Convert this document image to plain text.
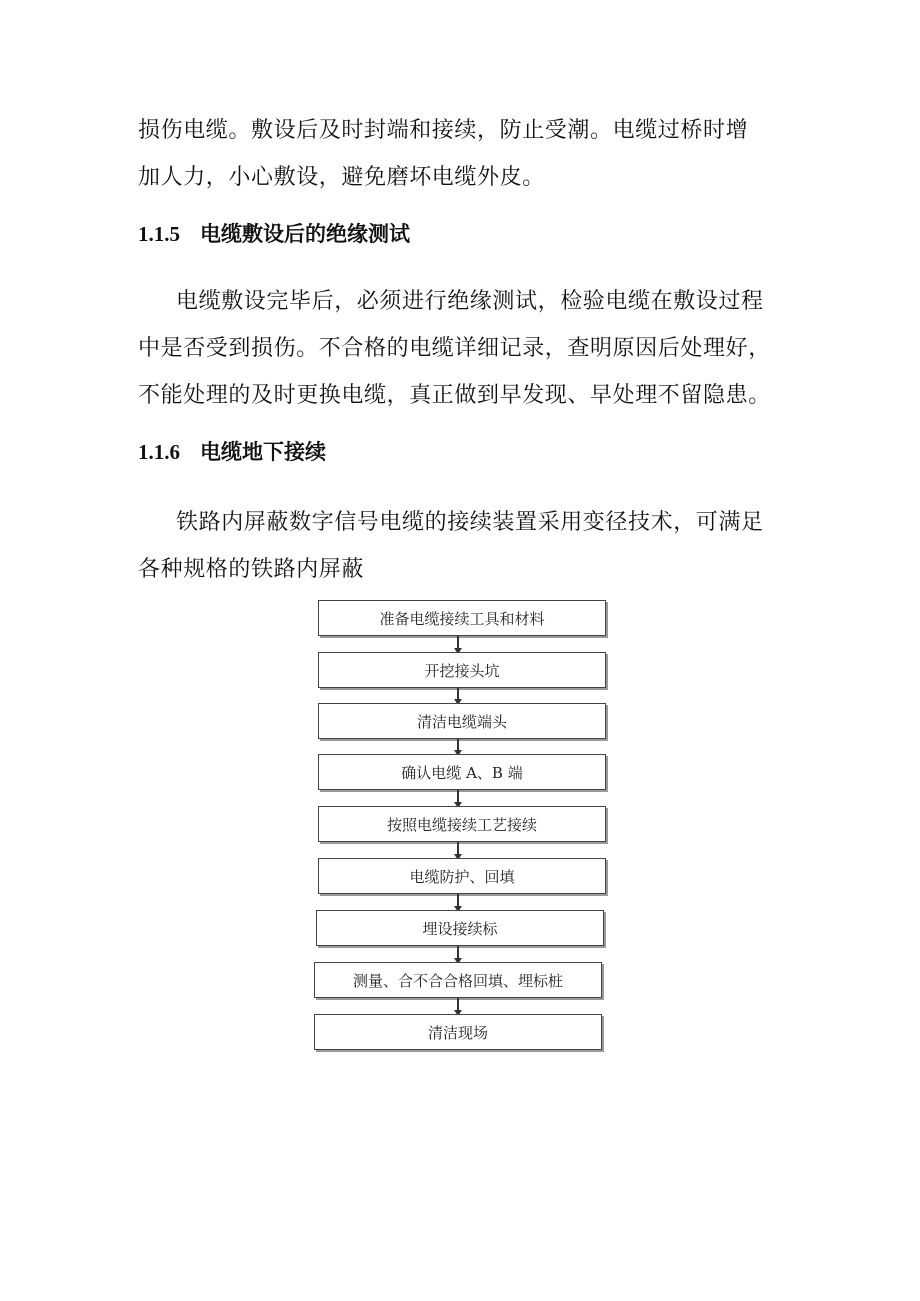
损伤电缆。敷设后及时封端和接续，防止受潮。电缆过桥时增
加人力，小心敷设，避免磨坏电缆外皮。
1.1.5 电缆敷设后的绝缘测试
电缆敷设完毕后，必须进行绝缘测试，检验电缆在敷设过程
中是否受到损伤。不合格的电缆详细记录，查明原因后处理好，
不能处理的及时更换电缆，真正做到早发现、早处理不留隐患。
1.1.6 电缆地下接续
铁路内屏蔽数字信号电缆的接续装置采用变径技术，可满足
各种规格的铁路内屏蔽
准备电缆接续工具和材料
开挖接头坑
清洁电缆端头
确认电缆 A、B 端
按照电缆接续工艺接续
电缆防护、回填
埋设接续标
测量、合不合合格回填、埋标桩
清洁现场
